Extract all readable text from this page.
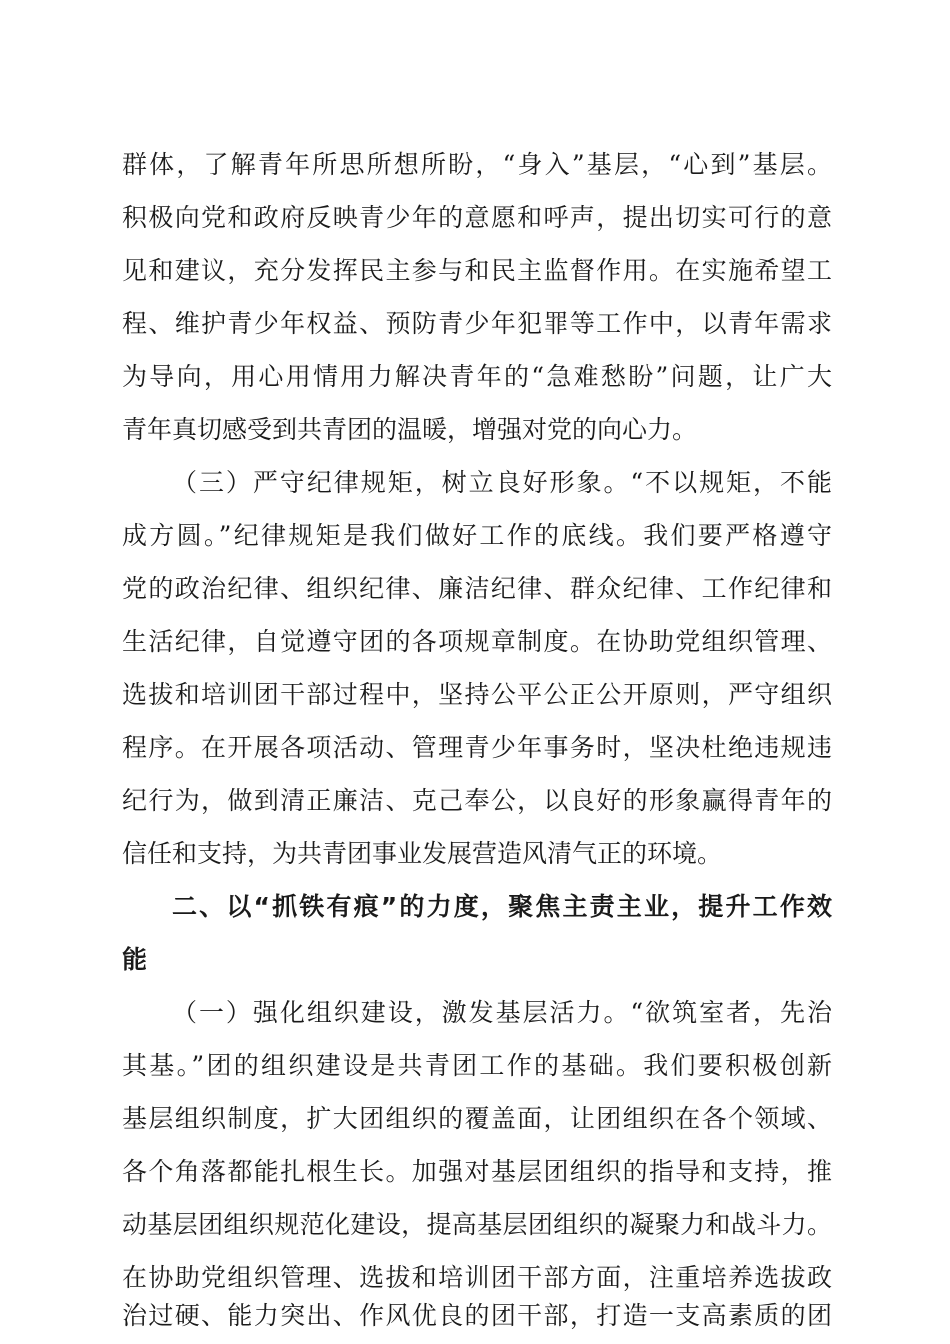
群体，了解青年所思所想所盼，“身入”基层，“心到”基层。
积极向党和政府反映青少年的意愿和呼声，提出切实可行的意
见和建议，充分发挥民主参与和民主监督作用。在实施希望工
程、维护青少年权益、预防青少年犯罪等工作中，以青年需求
为导向，用心用情用力解决青年的“急难愁盼”问题，让广大
青年真切感受到共青团的温暖，增强对党的向心力。
（三）严守纪律规矩，树立良好形象。“不以规矩，不能
成方圆。”纪律规矩是我们做好工作的底线。我们要严格遵守
党的政治纪律、组织纪律、廉洁纪律、群众纪律、工作纪律和
生活纪律，自觉遵守团的各项规章制度。在协助党组织管理、
选拔和培训团干部过程中，坚持公平公正公开原则，严守组织
程序。在开展各项活动、管理青少年事务时，坚决杜绝违规违
纪行为，做到清正廉洁、克己奉公，以良好的形象赢得青年的
信任和支持，为共青团事业发展营造风清气正的环境。
二、以“抓铁有痕”的力度，聚焦主责主业，提升工作效
能
（一）强化组织建设，激发基层活力。“欲筑室者，先治
其基。”团的组织建设是共青团工作的基础。我们要积极创新
基层组织制度，扩大团组织的覆盖面，让团组织在各个领域、
各个角落都能扎根生长。加强对基层团组织的指导和支持，推
动基层团组织规范化建设，提高基层团组织的凝聚力和战斗力。
在协助党组织管理、选拔和培训团干部方面，注重培养选拔政
治过硬、能力突出、作风优良的团干部，打造一支高素质的团
